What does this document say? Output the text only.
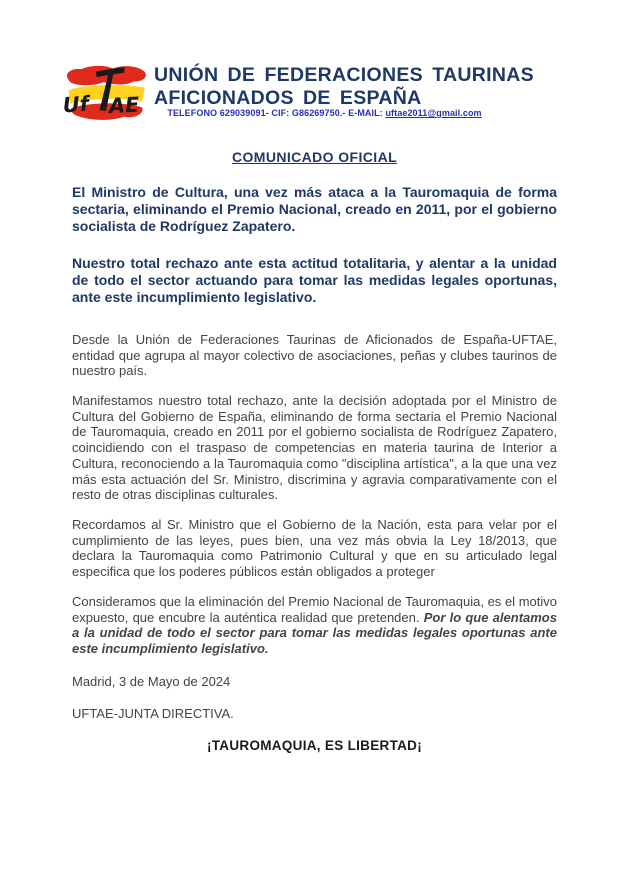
Uf AE
UNIÓN DE FEDERACIONES TAURINAS
AFICIONADOS DE ESPAÑA
TELEFONO 629039091- CIF: G86269750.- E-MAIL: uftae2011@gmail.com
COMUNICADO OFICIAL

El Ministro de Cultura, una vez más ataca a la Tauromaquia de forma sectaria, eliminando el Premio Nacional, creado en 2011, por el gobierno socialista de Rodríguez Zapatero.

Nuestro total rechazo ante esta actitud totalitaria, y alentar a la unidad de todo el sector actuando para tomar las medidas legales oportunas, ante este incumplimiento legislativo.

Desde la Unión de Federaciones Taurinas de Aficionados de España-UFTAE, entidad que agrupa al mayor colectivo de asociaciones, peñas y clubes taurinos de nuestro país.

Manifestamos nuestro total rechazo, ante la decisión adoptada por el Ministro de Cultura del Gobierno de España, eliminando de forma sectaria el Premio Nacional de Tauromaquia, creado en 2011 por el gobierno socialista de Rodríguez Zapatero, coincidiendo con el traspaso de competencias en materia taurina de Interior a Cultura, reconociendo a la Tauromaquia como "disciplina artística", a la que una vez más esta actuación del Sr. Ministro, discrimina y agravia comparativamente con el resto de otras disciplinas culturales.

Recordamos al Sr. Ministro que el Gobierno de la Nación, esta para velar por el cumplimiento de las leyes, pues bien, una vez más obvia la Ley 18/2013, que declara la Tauromaquia como Patrimonio Cultural y que en su articulado legal especifica que los poderes públicos están obligados a proteger

Consideramos que la eliminación del Premio Nacional de Tauromaquia, es el motivo expuesto, que encubre la auténtica realidad que pretenden. Por lo que alentamos a la unidad de todo el sector para tomar las medidas legales oportunas ante este incumplimiento legislativo.

Madrid, 3 de Mayo de 2024

UFTAE-JUNTA DIRECTIVA.

¡TAUROMAQUIA, ES LIBERTAD¡
